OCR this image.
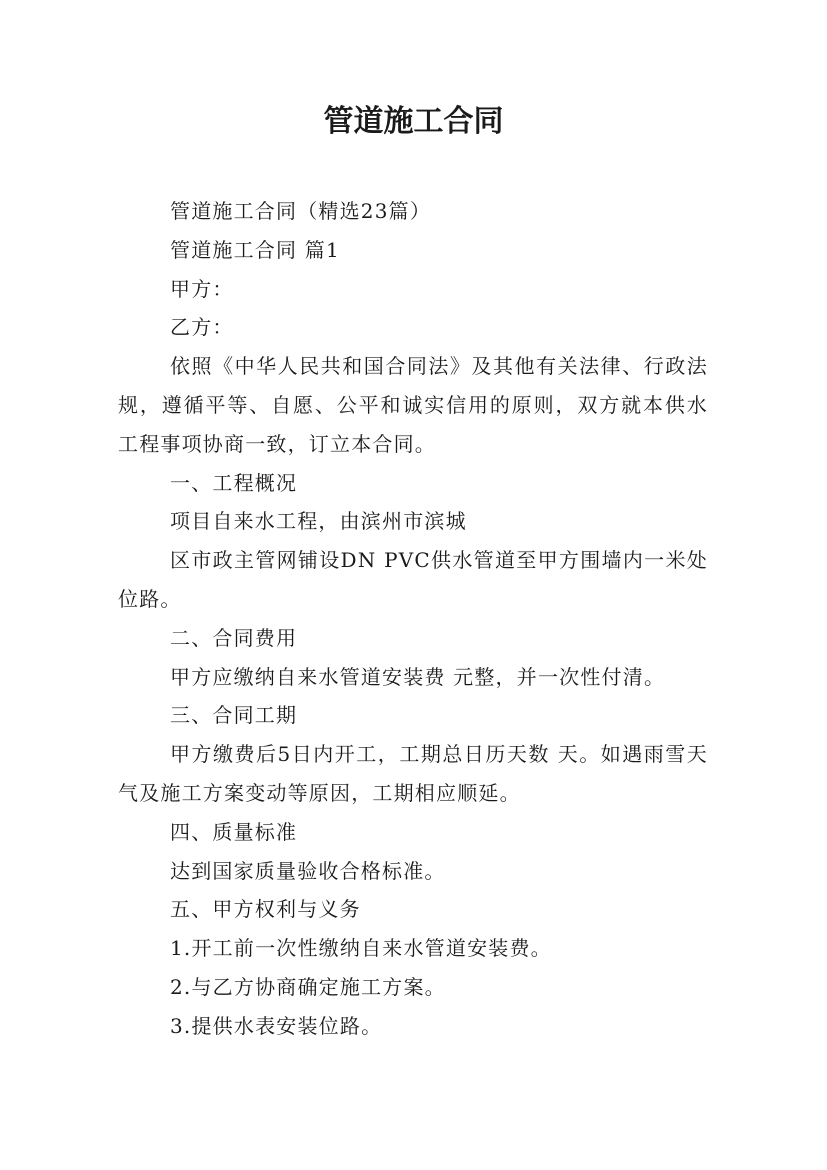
管道施工合同

管道施工合同（精选23篇）

管道施工合同 篇1

甲方：

乙方：

依照《中华人民共和国合同法》及其他有关法律、行政法规，遵循平等、自愿、公平和诚实信用的原则，双方就本供水工程事项协商一致，订立本合同。

一、工程概况

项目自来水工程，由滨州市滨城

区市政主管网铺设DN PVC供水管道至甲方围墙内一米处位路。

二、合同费用

甲方应缴纳自来水管道安装费 元整，并一次性付清。

三、合同工期

甲方缴费后5日内开工，工期总日历天数 天。如遇雨雪天气及施工方案变动等原因，工期相应顺延。

四、质量标准

达到国家质量验收合格标准。

五、甲方权利与义务

1.开工前一次性缴纳自来水管道安装费。

2.与乙方协商确定施工方案。

3.提供水表安装位路。
